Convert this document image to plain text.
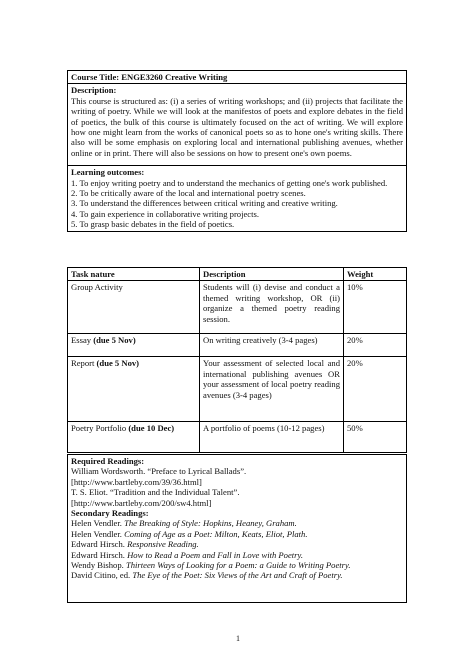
Course Title: ENGE3260 Creative Writing
Description:
This course is structured as: (i) a series of writing workshops; and (ii) projects that facilitate the writing of poetry. While we will look at the manifestos of poets and explore debates in the field of poetics, the bulk of this course is ultimately focused on the act of writing. We will explore how one might learn from the works of canonical poets so as to hone one's writing skills. There also will be some emphasis on exploring local and international publishing avenues, whether online or in print. There will also be sessions on how to present one's own poems.
Learning outcomes:
1. To enjoy writing poetry and to understand the mechanics of getting one's work published.
2. To be critically aware of the local and international poetry scenes.
3. To understand the differences between critical writing and creative writing.
4. To gain experience in collaborative writing projects.
5. To grasp basic debates in the field of poetics.
Task nature	Description	Weight
Group Activity	Students will (i) devise and conduct a themed writing workshop, OR (ii) organize a themed poetry reading session.	10%
Essay (due 5 Nov)	On writing creatively (3-4 pages)	20%
Report (due 5 Nov)	Your assessment of selected local and international publishing avenues OR your assessment of local poetry reading avenues (3-4 pages)	20%
Poetry Portfolio (due 10 Dec)	A portfolio of poems (10-12 pages)	50%
Required Readings:
William Wordsworth. “Preface to Lyrical Ballads”.
[http://www.bartleby.com/39/36.html]
T. S. Eliot. “Tradition and the Individual Talent”.
[http://www.bartleby.com/200/sw4.html]
Secondary Readings:
Helen Vendler. The Breaking of Style: Hopkins, Heaney, Graham.
Helen Vendler. Coming of Age as a Poet: Milton, Keats, Eliot, Plath.
Edward Hirsch. Responsive Reading.
Edward Hirsch. How to Read a Poem and Fall in Love with Poetry.
Wendy Bishop. Thirteen Ways of Looking for a Poem: a Guide to Writing Poetry.
David Citino, ed. The Eye of the Poet: Six Views of the Art and Craft of Poetry.
1
